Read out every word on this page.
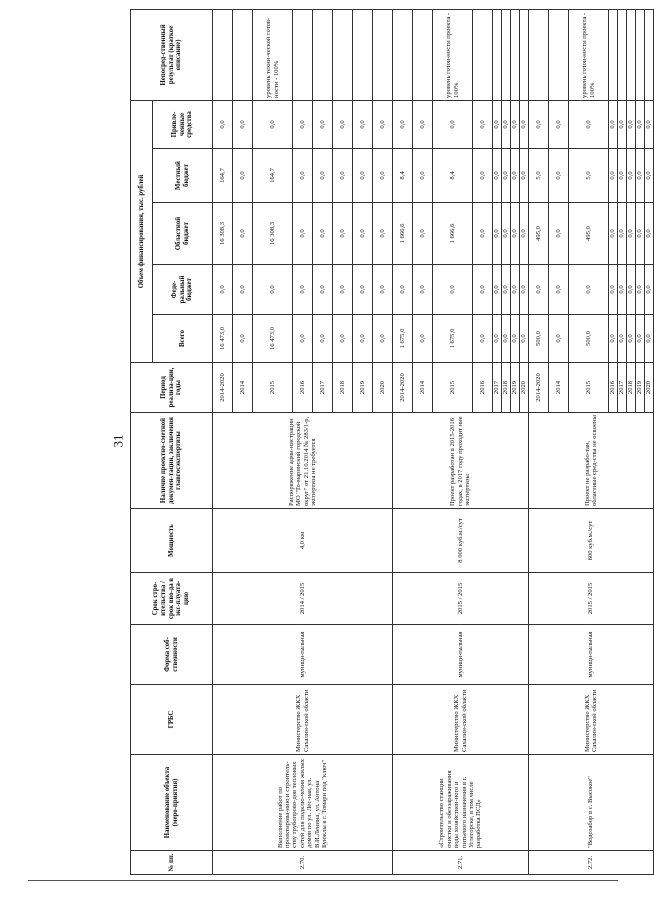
31
№ пп.	Наименование объекта (меро-приятия)	ГРБС	Форма соб-ственности	Срок стро-ительства / срок вво-да в экс-плуата-цию	Мощность	Наличие проектно-сметной докумен-тации, заключения главгосэкспертизы	Период реализа-ции, годы	Объем финансирования, тыс. рублей					Непосред-ственный результат (краткое описание)
								Всего	Феде-ральный бюджет	Областной бюджет	Местный бюджет	Привле-ченные средства	
2.70.	Выполнение работ по проектирова-нию и строитель-ству трубопрово-дов тепловых сетей для подклю-чения жилых домов по ул. Лес-ная, ул. В.И.Ленина, ул. Антона Буюклы в г. Томари под "ключ"	Министерство ЖКХ Сахалин-ской области	муници-пальная	2014 / 2015	4,0 км	Распоряжение адми-нистрации МО "То-маринский городской округ" от 21.10.2014 № 283/1-р, экспертиза не требуется	2014-2020	16 473,0	0,0	16 308,3	164,7	0,0	
							2014	0,0	0,0	0,0	0,0	0,0	
							2015	16 473,0	0,0	16 308,3	164,7	0,0	уровень техни-ческой готов-ности - 100%
							2016	0,0	0,0	0,0	0,0	0,0	
							2017	0,0	0,0	0,0	0,0	0,0	
							2018	0,0	0,0	0,0	0,0	0,0	
							2019	0,0	0,0	0,0	0,0	0,0	
							2020	0,0	0,0	0,0	0,0	0,0	
2.71.	«Строительство станции очистки и обеззараживания воды хозяйствен-ного и питьевого назначения в г. Углегорске, в том числе разработка ПСД»	Министерство ЖКХ Сахалин-ской области	муници-пальная	2015 / 2015	8 000 куб.м./сут	Проект разработан в 2015-2016 годах, в 2017 году проходит ние экспертизы	2014-2020	1 675,0	0,0	1 666,6	8,4	0,0	
							2014	0,0	0,0	0,0	0,0	0,0	
							2015	1 675,0	0,0	1 666,6	8,4	0,0	уровень готов-ности проекта - 100%
							2016	0,0	0,0	0,0	0,0	0,0	
							2017	0,0	0,0	0,0	0,0	0,0	
							2018	0,0	0,0	0,0	0,0	0,0	
							2019	0,0	0,0	0,0	0,0	0,0	
							2020	0,0	0,0	0,0	0,0	0,0	
2.72.	"Водозабор в с. Высокое"	Министерство ЖКХ Сахалин-ской области	муници-пальная	2015 / 2015	600 куб.м./сут	Проект не разрабо-тан, областные сред-ства не освоены	2014-2020	500,0	0,0	495,0	5,0	0,0	
							2014	0,0	0,0	0,0	0,0	0,0	
							2015	500,0	0,0	495,0	5,0	0,0	уровень готов-ности проекта - 100%
							2016	0,0	0,0	0,0	0,0	0,0	
							2017	0,0	0,0	0,0	0,0	0,0	
							2018	0,0	0,0	0,0	0,0	0,0	
							2019	0,0	0,0	0,0	0,0	0,0	
							2020	0,0	0,0	0,0	0,0	0,0	
